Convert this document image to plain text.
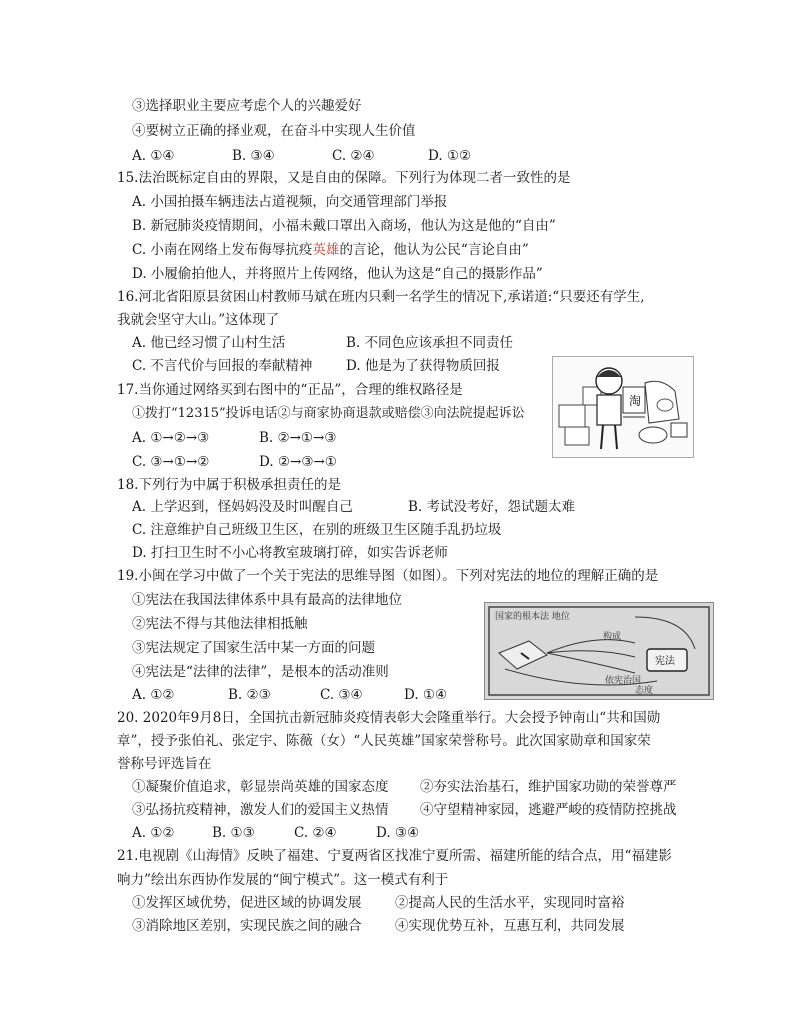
③选择职业主要应考虑个人的兴趣爱好
④要树立正确的择业观，在奋斗中实现人生价值
A. ①④	B. ③④	C. ②④	D. ①②
15.法治既标定自由的界限，又是自由的保障。下列行为体现二者一致性的是
A. 小国拍摄车辆违法占道视频，向交通管理部门举报
B. 新冠肺炎疫情期间，小福未戴口罩出入商场，他认为这是他的“自由”
C. 小南在网络上发布侮辱抗疫英雄的言论，他认为公民“言论自由”
D. 小履偷拍他人，并将照片上传网络，他认为这是“自己的摄影作品”
16.河北省阳原县贫困山村教师马斌在班内只剩一名学生的情况下,承诺道:“只要还有学生,
我就会坚守大山。”这体现了
A. 他已经习惯了山村生活	B. 不同色应该承担不同责任
C. 不言代价与回报的奉献精神 D. 他是为了获得物质回报
17.当你通过网络买到右图中的“正品”，合理的维权路径是
①拨打“12315”投诉电话②与商家协商退款或赔偿③向法院提起诉讼
A. ①→②→③	B. ②→①→③
C. ③→①→②	D. ②→③→①
淘
18.下列行为中属于积极承担责任的是
A. 上学迟到，怪妈妈没及时叫醒自己	B. 考试没考好，怨试题太难
C. 注意维护自己班级卫生区，在别的班级卫生区随手乱扔垃圾
D. 打扫卫生时不小心将教室玻璃打碎，如实告诉老师
19.小闽在学习中做了一个关于宪法的思维导图（如图）。下列对宪法的地位的理解正确的是
①宪法在我国法律体系中具有最高的法律地位
②宪法不得与其他法律相抵触
③宪法规定了国家生活中某一方面的问题
④宪法是“法律的法律”，是根本的活动准则
A. ①②	B. ②③	C. ③④	D. ①④
国家的根本法 地位
构成
依宪治国
宪法
态度
20. 2020年9月8日，全国抗击新冠肺炎疫情表彰大会隆重举行。大会授予钟南山“共和国勋
章”，授予张伯礼、张定宇、陈薇（女）“人民英雄”国家荣誉称号。此次国家勋章和国家荣
誉称号评选旨在
①凝聚价值追求，彰显崇尚英雄的国家态度 ②夯实法治基石，维护国家功勋的荣誉尊严
③弘扬抗疫精神，激发人们的爱国主义热情 ④守望精神家园，逃避严峻的疫情防控挑战
A. ①②	B. ①③	C. ②④	D. ③④
21.电视剧《山海情》反映了福建、宁夏两省区找准宁夏所需、福建所能的结合点，用“福建影
响力”绘出东西协作发展的“闽宁模式”。这一模式有利于
①发挥区域优势，促进区域的协调发展 ②提高人民的生活水平，实现同时富裕
③消除地区差别，实现民族之间的融合 ④实现优势互补，互惠互利，共同发展
